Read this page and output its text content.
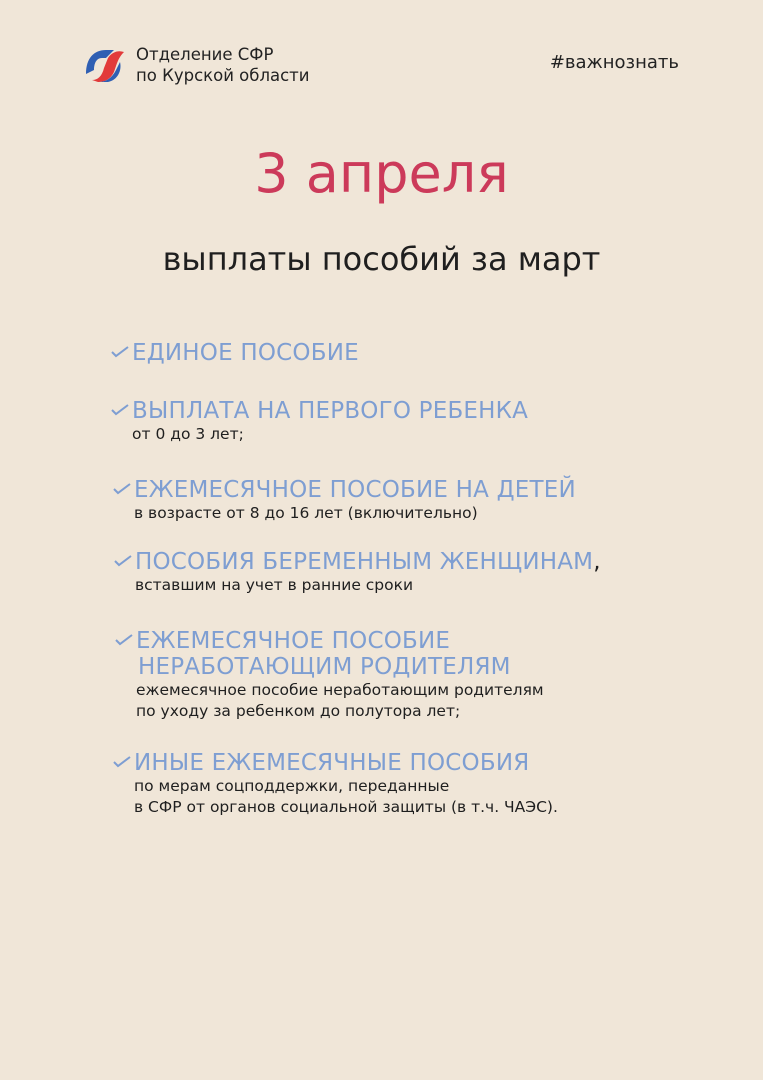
Отделение СФР
по Курской области
#важнознать
3 апреля
выплаты пособий за март
ЕДИНОЕ ПОСОБИЕ
ВЫПЛАТА НА ПЕРВОГО РЕБЕНКА
от 0 до 3 лет;
ЕЖЕМЕСЯЧНОЕ ПОСОБИЕ НА ДЕТЕЙ
в возрасте от 8 до 16 лет (включительно)
ПОСОБИЯ БЕРЕМЕННЫМ ЖЕНЩИНАМ,
вставшим на учет в ранние сроки
ЕЖЕМЕСЯЧНОЕ ПОСОБИЕ
НЕРАБОТАЮЩИМ РОДИТЕЛЯМ
ежемесячное пособие неработающим родителям
по уходу за ребенком до полутора лет;
ИНЫЕ ЕЖЕМЕСЯЧНЫЕ ПОСОБИЯ
по мерам соцподдержки, переданные
в СФР от органов социальной защиты (в т.ч. ЧАЭС).
